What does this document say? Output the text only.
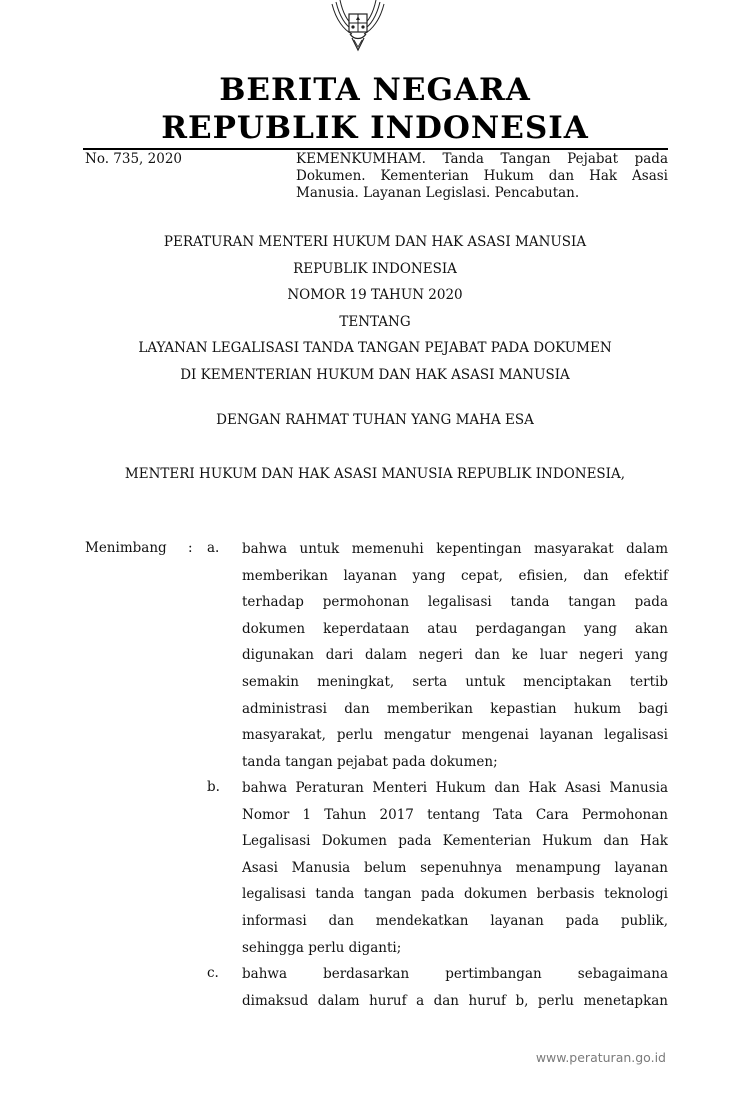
BERITA NEGARA
REPUBLIK INDONESIA
No. 735, 2020	KEMENKUMHAM. Tanda Tangan Pejabat pada Dokumen. Kementerian Hukum dan Hak Asasi Manusia. Layanan Legislasi. Pencabutan.
PERATURAN MENTERI HUKUM DAN HAK ASASI MANUSIA
REPUBLIK INDONESIA
NOMOR 19 TAHUN 2020
TENTANG
LAYANAN LEGALISASI TANDA TANGAN PEJABAT PADA DOKUMEN
DI KEMENTERIAN HUKUM DAN HAK ASASI MANUSIA
DENGAN RAHMAT TUHAN YANG MAHA ESA
MENTERI HUKUM DAN HAK ASASI MANUSIA REPUBLIK INDONESIA,
Menimbang : a. bahwa untuk memenuhi kepentingan masyarakat dalam
memberikan layanan yang cepat, efisien, dan efektif
terhadap permohonan legalisasi tanda tangan pada
dokumen keperdataan atau perdagangan yang akan
digunakan dari dalam negeri dan ke luar negeri yang
semakin meningkat, serta untuk menciptakan tertib
administrasi dan memberikan kepastian hukum bagi
masyarakat, perlu mengatur mengenai layanan legalisasi
tanda tangan pejabat pada dokumen;
b. bahwa Peraturan Menteri Hukum dan Hak Asasi Manusia
Nomor 1 Tahun 2017 tentang Tata Cara Permohonan
Legalisasi Dokumen pada Kementerian Hukum dan Hak
Asasi Manusia belum sepenuhnya menampung layanan
legalisasi tanda tangan pada dokumen berbasis teknologi
informasi dan mendekatkan layanan pada publik,
sehingga perlu diganti;
c. bahwa berdasarkan pertimbangan sebagaimana
dimaksud dalam huruf a dan huruf b, perlu menetapkan
www.peraturan.go.id
